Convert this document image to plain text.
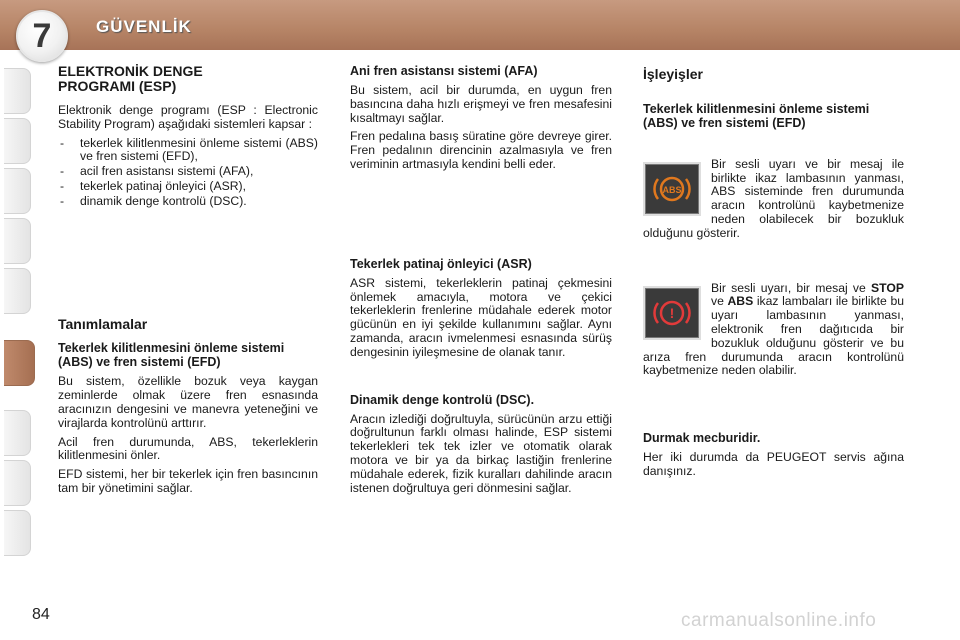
7	GÜVENLİK
ELEKTRONİK DENGE
PROGRAMI (ESP)

Elektronik denge programı (ESP : Electronic Stability Program) aşağıdaki sistemleri kapsar :

- tekerlek kilitlenmesini önleme sistemi (ABS) ve fren sistemi (EFD),
- acil fren asistansı sistemi (AFA),
- tekerlek patinaj önleyici (ASR),
- dinamik denge kontrolü (DSC).
Tanımlamalar
Tekerlek kilitlenmesini önleme sistemi (ABS) ve fren sistemi (EFD)

Bu sistem, özellikle bozuk veya kaygan zeminlerde olmak üzere fren esnasında aracınızın dengesini ve manevra yeteneğini ve virajlarda kontrolünü arttırır.

Acil fren durumunda, ABS, tekerleklerin kilitlenmesini önler.

EFD sistemi, her bir tekerlek için fren basıncının tam bir yönetimini sağlar.

Ani fren asistansı sistemi (AFA)

Bu sistem, acil bir durumda, en uygun fren basıncına daha hızlı erişmeyi ve fren mesafesini kısaltmayı sağlar.

Fren pedalına basış süratine göre devreye girer. Fren pedalının direncinin azalmasıyla ve fren veriminin artmasıyla kendini belli eder.

Tekerlek patinaj önleyici (ASR)

ASR sistemi, tekerleklerin patinaj çekmesini önlemek amacıyla, motora ve çekici tekerleklerin frenlerine müdahale ederek motor gücünün en iyi şekilde kullanımını sağlar. Aynı zamanda, aracın ivmelenmesi esnasında sürüş dengesinin iyileşmesine de olanak tanır.

Dinamik denge kontrolü (DSC).

Aracın izlediği doğrultuyla, sürücünün arzu ettiği doğrultunun farklı olması halinde, ESP sistemi tekerlekleri tek tek izler ve otomatik olarak motora ve bir ya da birkaç lastiğin frenlerine müdahale ederek, fizik kuralları dahilinde aracın istenen doğrultuya geri dönmesini sağlar.

İşleyişler
Tekerlek kilitlenmesini önleme sistemi (ABS) ve fren sistemi (EFD)
ABS

Bir sesli uyarı ve bir mesaj ile birlikte ikaz lambasının yanması, ABS sisteminde fren durumunda aracın kontrolünü kaybetmenize neden olabilecek bir bozukluk olduğunu gösterir.

!

Bir sesli uyarı, bir mesaj ve STOP ve ABS ikaz lambaları ile birlikte bu uyarı lambasının yanması, elektronik fren dağıtıcıda bir bozukluk olduğunu gösterir ve bu arıza fren durumunda aracın kontrolünü kaybetmenize neden olabilir.

Durmak mecburidir.

Her iki durumda da PEUGEOT servis ağına danışınız.

84	carmanualsonline.info
